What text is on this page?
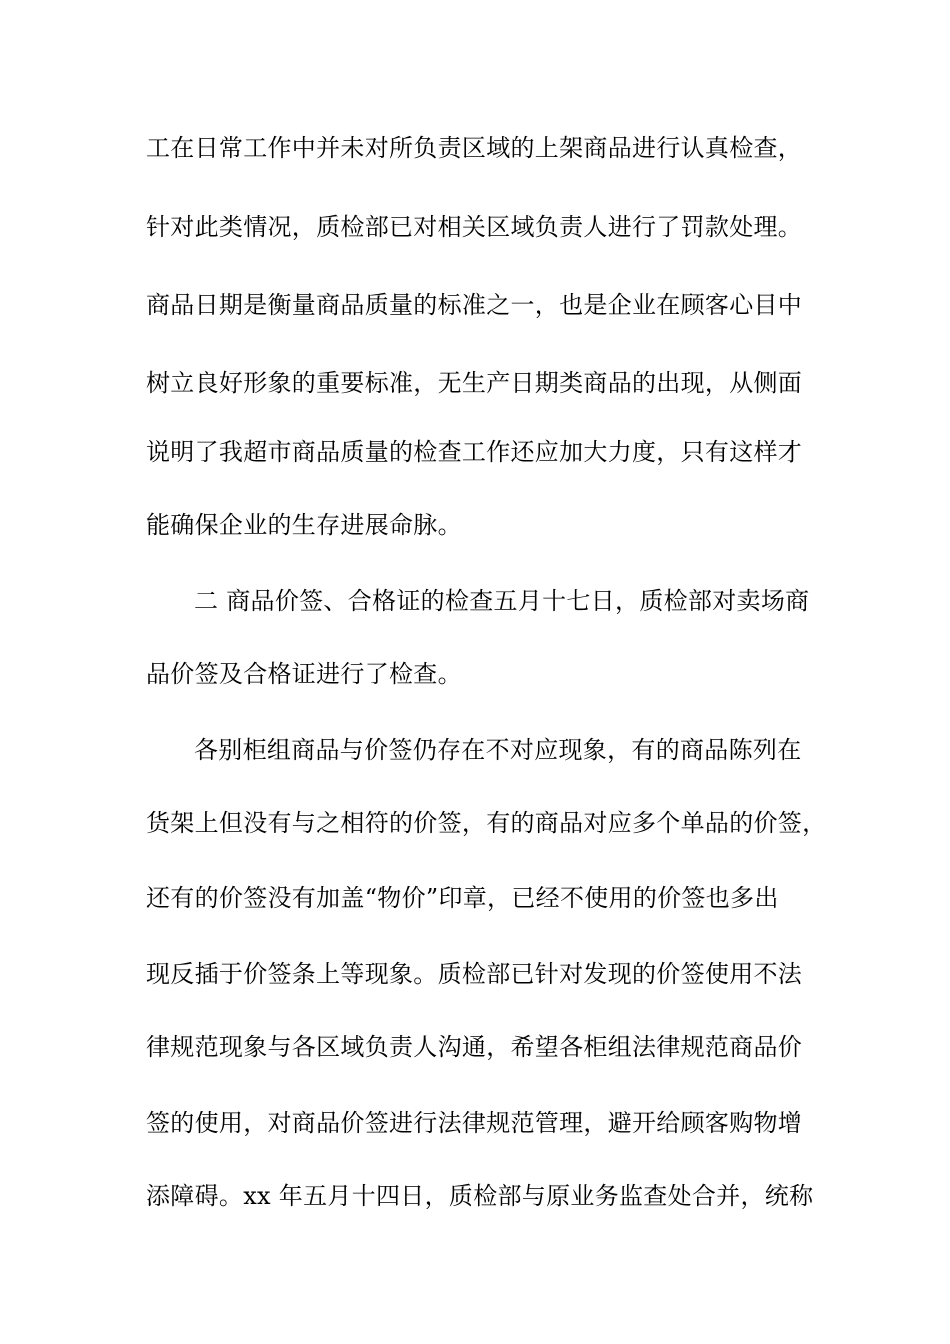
工在日常工作中并未对所负责区域的上架商品进行认真检查，
针对此类情况，质检部已对相关区域负责人进行了罚款处理。
商品日期是衡量商品质量的标准之一，也是企业在顾客心目中
树立良好形象的重要标准，无生产日期类商品的出现，从侧面
说明了我超市商品质量的检查工作还应加大力度，只有这样才
能确保企业的生存进展命脉。
二 商品价签、合格证的检查五月十七日，质检部对卖场商
品价签及合格证进行了检查。
各别柜组商品与价签仍存在不对应现象，有的商品陈列在
货架上但没有与之相符的价签，有的商品对应多个单品的价签，
还有的价签没有加盖“物价”印章，已经不使用的价签也多出
现反插于价签条上等现象。质检部已针对发现的价签使用不法
律规范现象与各区域负责人沟通，希望各柜组法律规范商品价
签的使用，对商品价签进行法律规范管理，避开给顾客购物增
添障碍。xx 年五月十四日，质检部与原业务监查处合并，统称
